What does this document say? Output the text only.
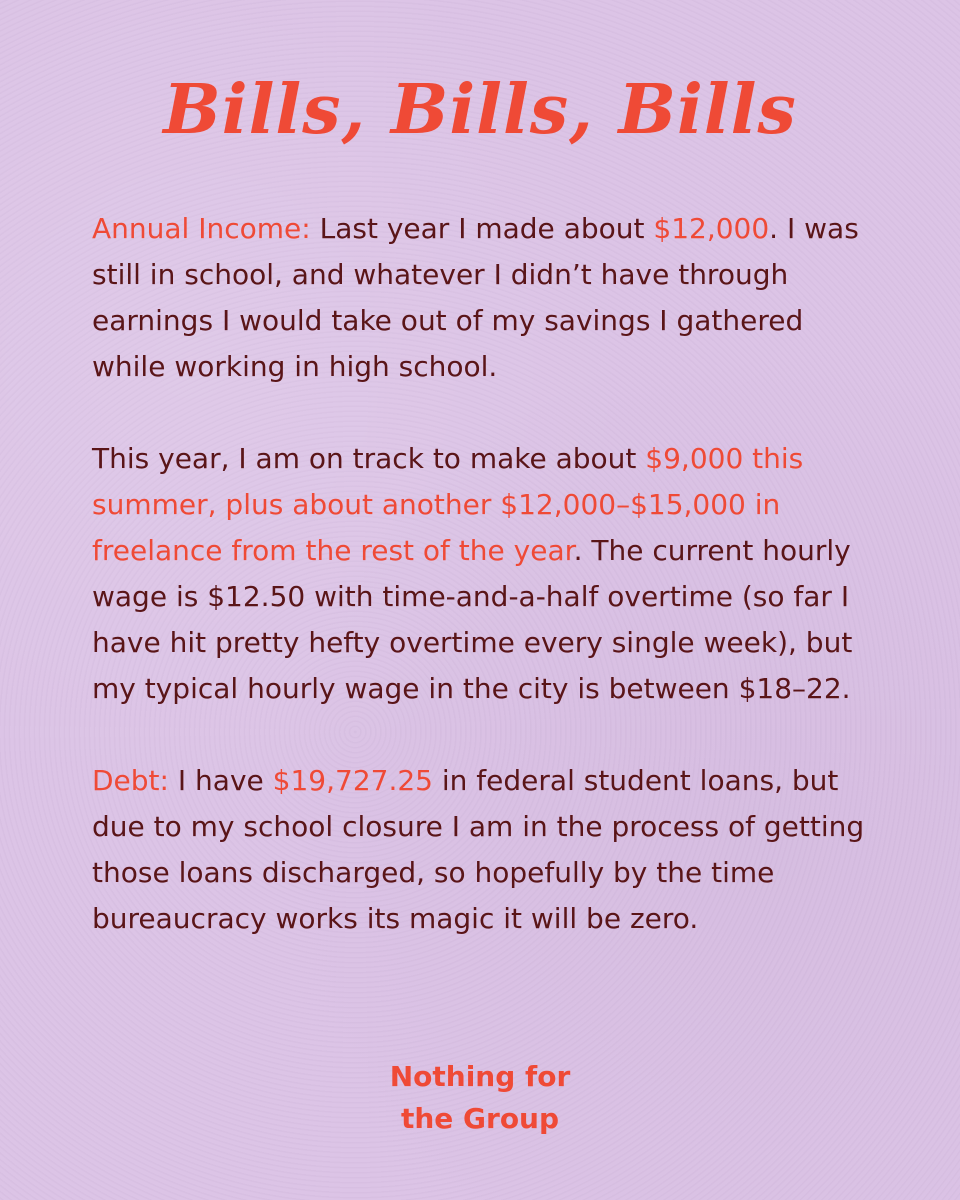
Bills, Bills, Bills

Annual Income: Last year I made about $12,000. I was still in school, and whatever I didn’t have through earnings I would take out of my savings I gathered while working in high school.

This year, I am on track to make about $9,000 this summer, plus about another $12,000–$15,000 in freelance from the rest of the year. The current hourly wage is $12.50 with time-and-a-half overtime (so far I have hit pretty hefty overtime every single week), but my typical hourly wage in the city is between $18–22.

Debt: I have $19,727.25 in federal student loans, but due to my school closure I am in the process of getting those loans discharged, so hopefully by the time bureaucracy works its magic it will be zero.

Nothing for
the Group
